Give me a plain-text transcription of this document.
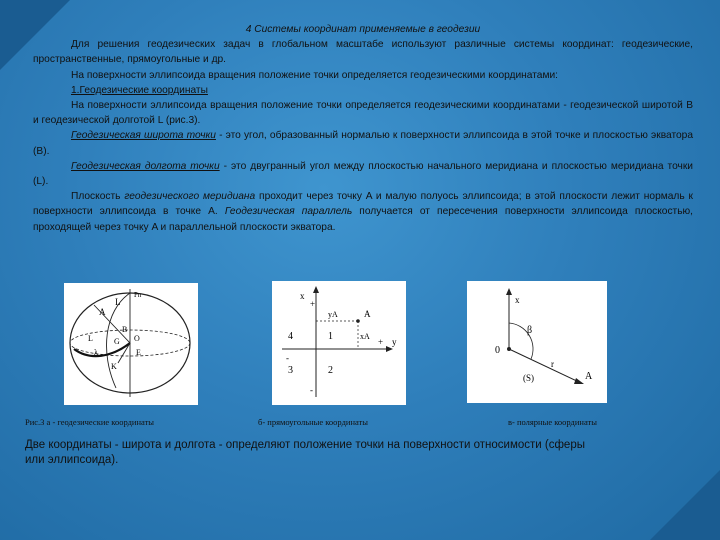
4 Системы координат применяемые в геодезии
Для решения геодезических задач в глобальном масштабе используют различные системы координат: геодезические, пространственные, прямоугольные и др.
На поверхности эллипсоида вращения положение точки определяется геодезическими координатами:
1.Геодезические координаты
На поверхности эллипсоида вращения положение точки определяется геодезическими координатами - геодезической широтой B и геодезической долготой L (рис.3).
Геодезическая широта точки - это угол, образованный нормалью к поверхности эллипсоида в этой точке и плоскостью экватора (B).
Геодезическая долгота точки - это двугранный угол между плоскостью начального меридиана и плоскостью меридиана точки (L).
Плоскость геодезического меридиана проходит через точку A и малую полуось эллипсоида; в этой плоскости лежит нормаль к поверхности эллипсоида в точке A. Геодезическая параллель получается от пересечения поверхности эллипсоида плоскостью, проходящей через точку A и параллельной плоскости экватора.
L
A
B
O
G
K
E
Pn
L
λ
x
A
yA
xA
4	1
3	2
y
+
+
-
-
x
β
0
r
(S)	A
Рис.3 а - геодезические координаты	б- прямоугольные координаты	в- полярные координаты
Две координаты - широта и долгота - определяют положение точки на поверхности относимости (сферы или эллипсоида).
